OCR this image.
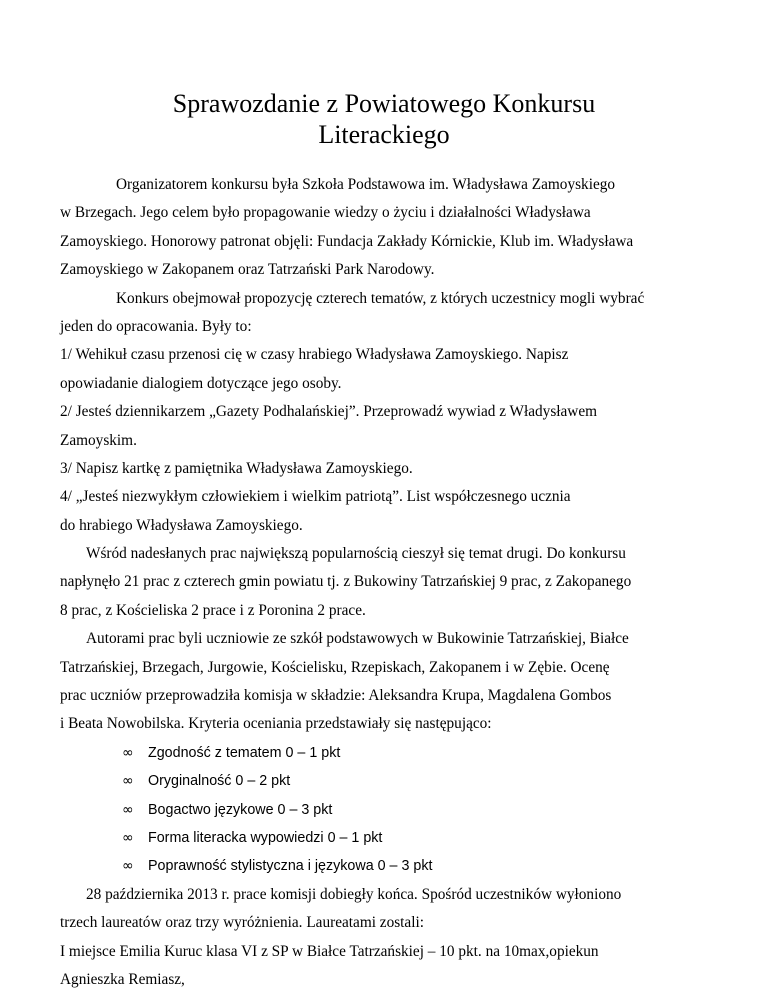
Sprawozdanie z Powiatowego Konkursu
Literackiego
Organizatorem konkursu była Szkoła Podstawowa im. Władysława Zamoyskiego
w Brzegach. Jego celem było propagowanie wiedzy o życiu i działalności Władysława
Zamoyskiego. Honorowy patronat objęli: Fundacja Zakłady Kórnickie, Klub im. Władysława
Zamoyskiego w Zakopanem oraz Tatrzański Park Narodowy.
Konkurs obejmował propozycję czterech tematów, z których uczestnicy mogli wybrać
jeden do opracowania. Były to:
1/ Wehikuł czasu przenosi cię w czasy hrabiego Władysława Zamoyskiego. Napisz
opowiadanie dialogiem dotyczące jego osoby.
2/ Jesteś dziennikarzem „Gazety Podhalańskiej”. Przeprowadź wywiad z Władysławem
Zamoyskim.
3/ Napisz kartkę z pamiętnika Władysława Zamoyskiego.
4/ „Jesteś niezwykłym człowiekiem i wielkim patriotą”. List współczesnego ucznia
do hrabiego Władysława Zamoyskiego.
Wśród nadesłanych prac największą popularnością cieszył się temat drugi. Do konkursu
napłynęło 21 prac z czterech gmin powiatu tj. z Bukowiny Tatrzańskiej 9 prac, z Zakopanego
8 prac, z Kościeliska 2 prace i z Poronina 2 prace.
Autorami prac byli uczniowie ze szkół podstawowych w Bukowinie Tatrzańskiej, Białce
Tatrzańskiej, Brzegach, Jurgowie, Kościelisku, Rzepiskach, Zakopanem i w Zębie. Ocenę
prac uczniów przeprowadziła komisja w składzie: Aleksandra Krupa, Magdalena Gombos
i Beata Nowobilska. Kryteria oceniania przedstawiały się następująco:
∞ Zgodność z tematem 0 – 1 pkt
∞ Oryginalność 0 – 2 pkt
∞ Bogactwo językowe 0 – 3 pkt
∞ Forma literacka wypowiedzi 0 – 1 pkt
∞ Poprawność stylistyczna i językowa 0 – 3 pkt
28 października 2013 r. prace komisji dobiegły końca. Spośród uczestników wyłoniono
trzech laureatów oraz trzy wyróżnienia. Laureatami zostali:
I miejsce Emilia Kuruc klasa VI z SP w Białce Tatrzańskiej – 10 pkt. na 10max,opiekun
Agnieszka Remiasz,
